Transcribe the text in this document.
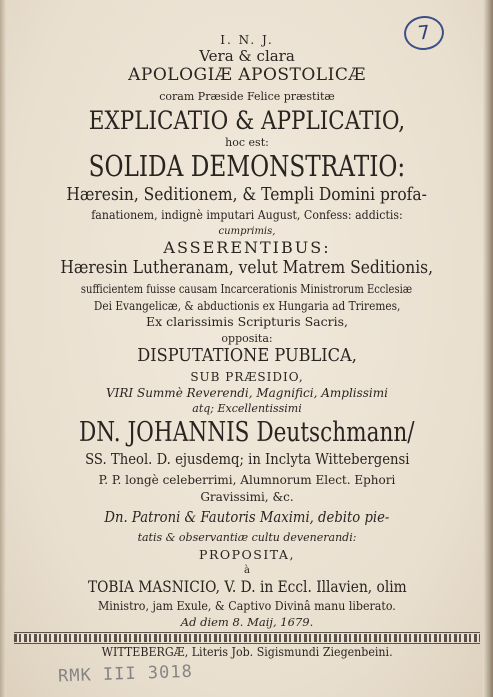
7
I. N. J.
Vera & clara
APOLOGIÆ APOSTOLICÆ
coram Præside Felice præstitæ
EXPLICATIO & APPLICATIO,
hoc est:
SOLIDA DEMONSTRATIO:
Hæresin, Seditionem, & Templi Domini profa-
fanationem, indignè imputari August, Confess: addictis:
cumprimis,
ASSERENTIBUS:
Hæresin Lutheranam, velut Matrem Seditionis,
sufficientem fuisse causam Incarcerationis Ministrorum Ecclesiæ
Dei Evangelicæ, & abductionis ex Hungaria ad Triremes,
Ex clarissimis Scripturis Sacris,
opposita:
DISPUTATIONE PUBLICA,
SUB PRÆSIDIO,
VIRI Summè Reverendi, Magnifici, Amplissimi
atq; Excellentissimi
DN. JOHANNIS Deutschmann/
SS. Theol. D. ejusdemq; in Inclyta Wittebergensi
P. P. longè celeberrimi, Alumnorum Elect. Ephori
Gravissimi, &c.
Dn. Patroni & Fautoris Maximi, debito pie-
tatis & observantiæ cultu devenerandi:
PROPOSITA,
à
TOBIA MASNICIO, V. D. in Eccl. Illavien, olim
Ministro, jam Exule, & Captivo Divinâ manu liberato.
Ad diem 8. Maij, 1679.
WITTEBERGÆ, Literis Job. Sigismundi Ziegenbeini.
RMK III 3018
